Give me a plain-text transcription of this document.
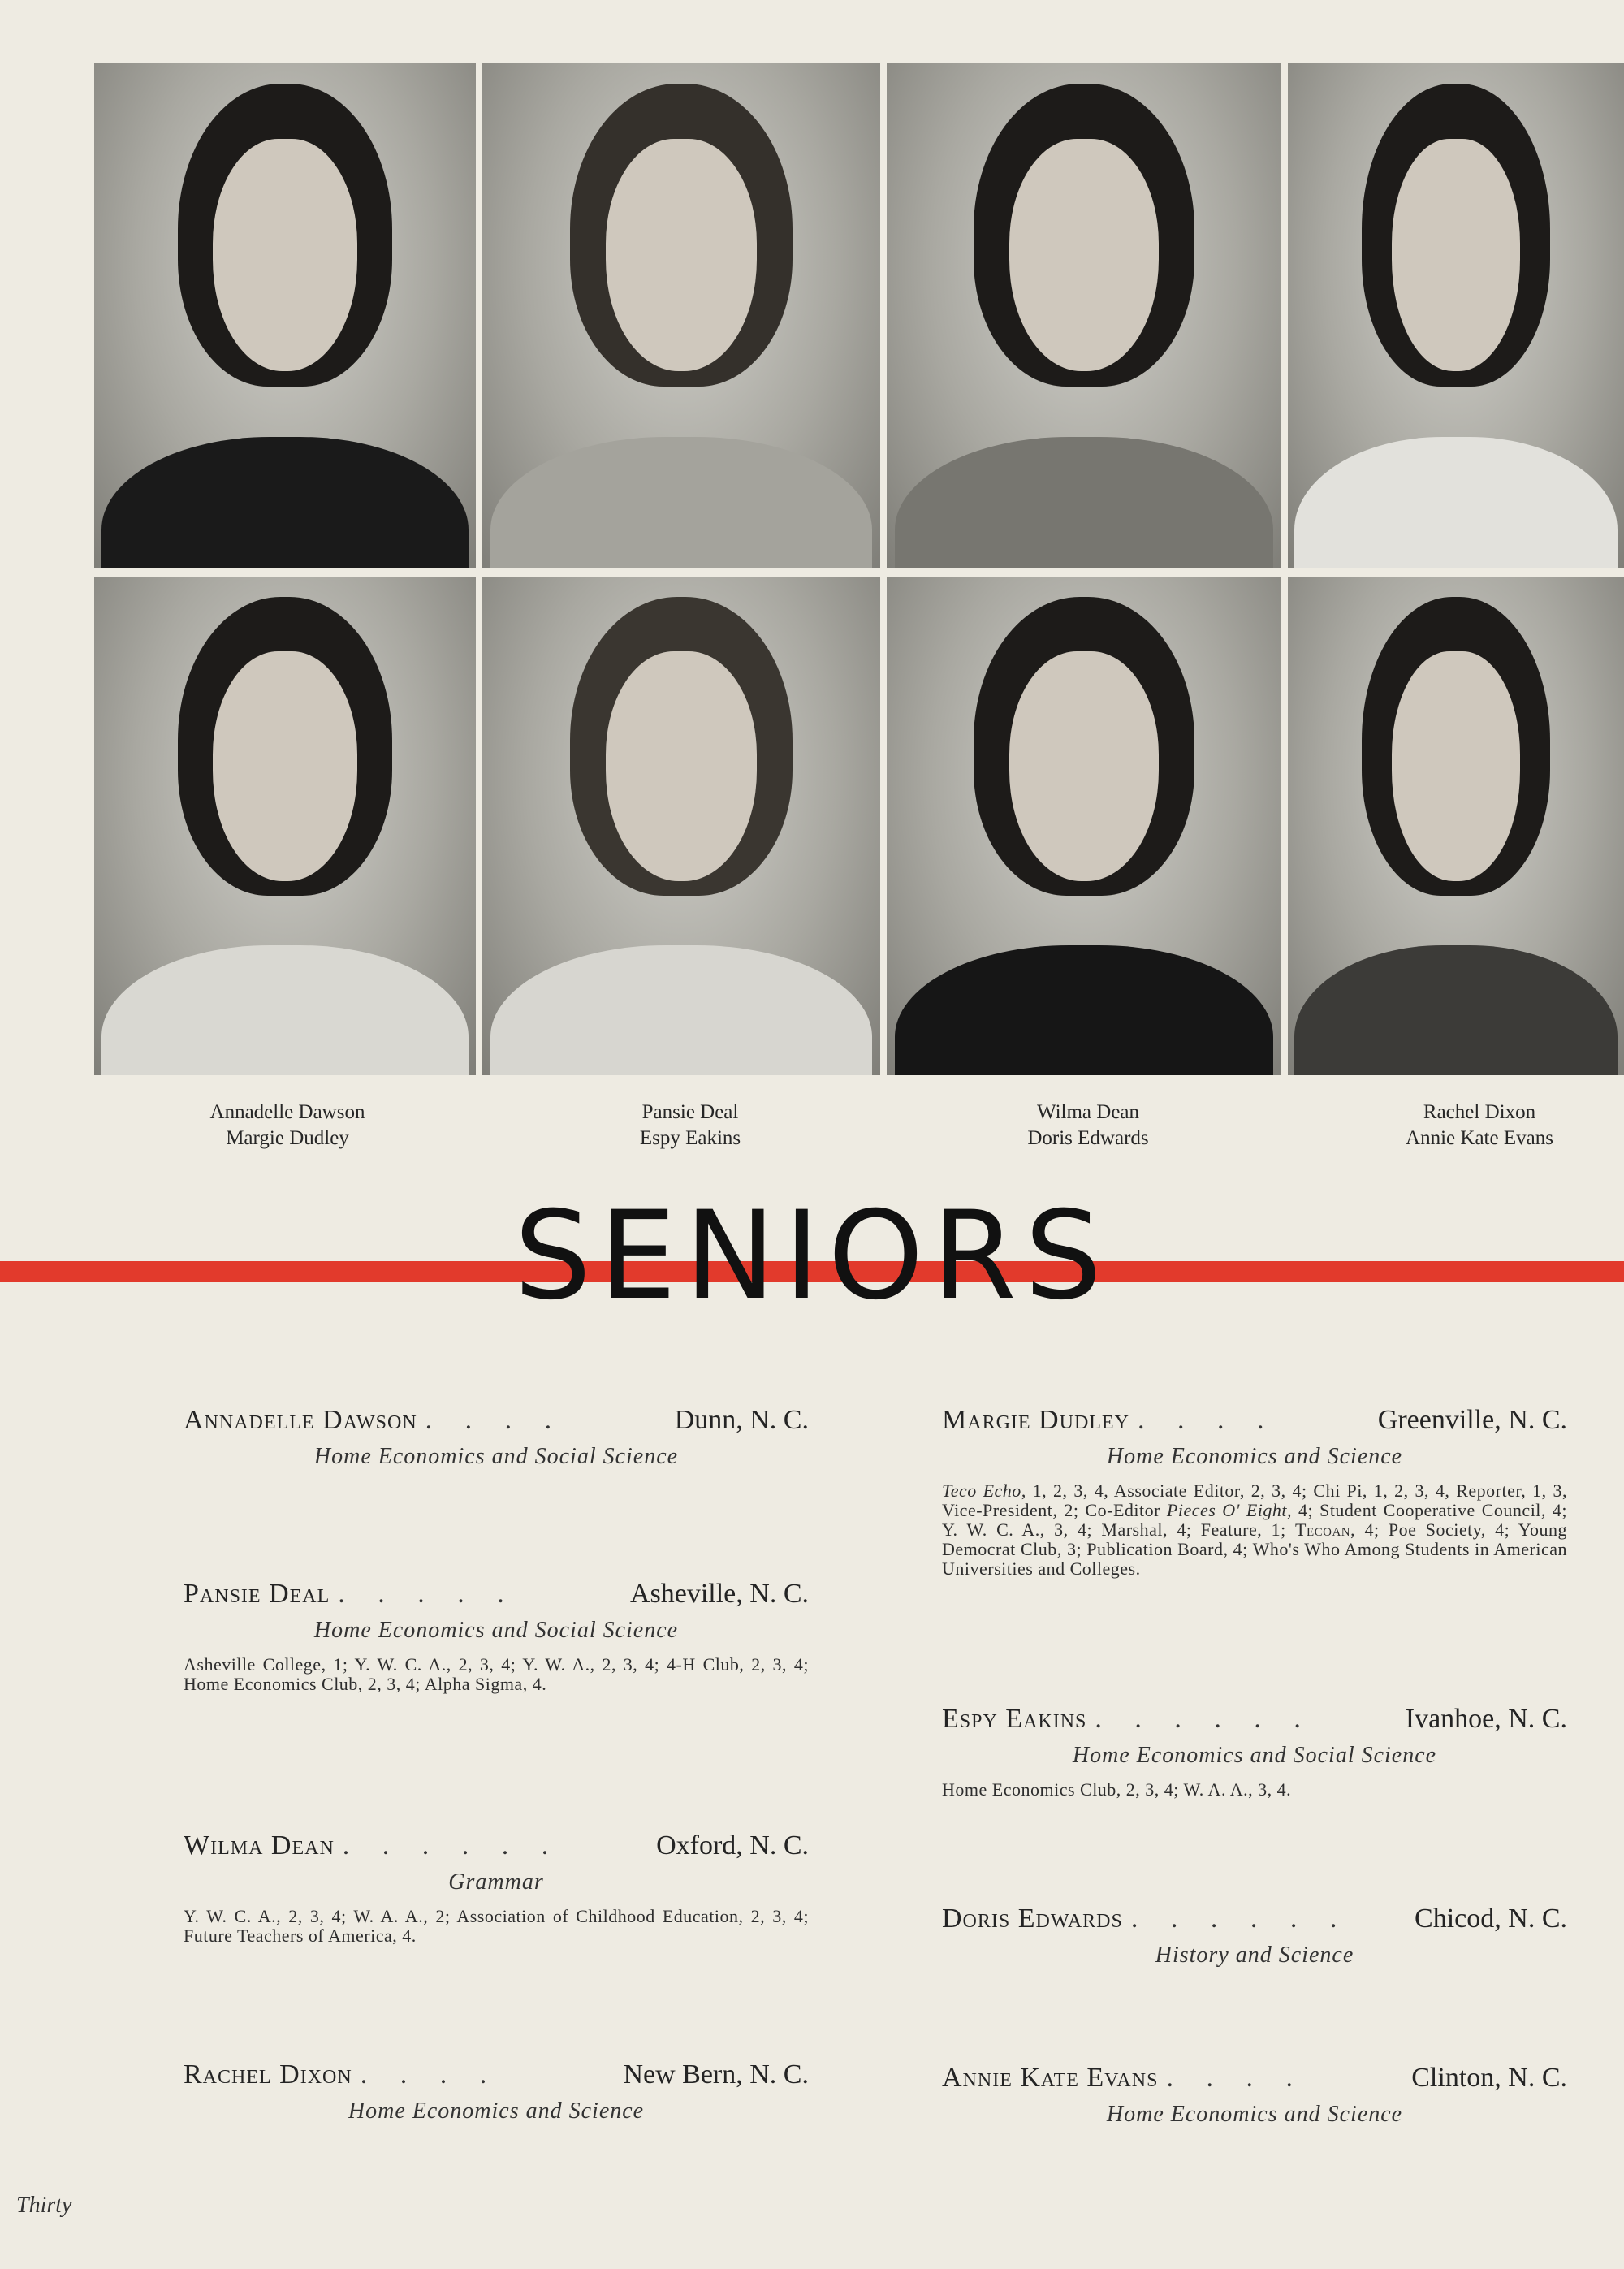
Annadelle Dawson
Margie Dudley
Pansie Deal
Espy Eakins
Wilma Dean
Doris Edwards
Rachel Dixon
Annie Kate Evans
SENIORS
Annadelle Dawson . . . .	Dunn, N. C.
Home Economics and Social Science
Pansie Deal . . . . .	Asheville, N. C.
Home Economics and Social Science
Asheville College, 1; Y. W. C. A., 2, 3, 4; Y. W. A., 2, 3, 4; 4-H Club, 2, 3, 4; Home Economics Club, 2, 3, 4; Alpha Sigma, 4.
Wilma Dean . . . . . .	Oxford, N. C.
Grammar
Y. W. C. A., 2, 3, 4; W. A. A., 2; Association of Childhood Education, 2, 3, 4; Future Teachers of America, 4.
Rachel Dixon . . . .	New Bern, N. C.
Home Economics and Science
Margie Dudley . . . .	Greenville, N. C.
Home Economics and Science
Teco Echo, 1, 2, 3, 4, Associate Editor, 2, 3, 4; Chi Pi, 1, 2, 3, 4, Reporter, 1, 3, Vice-President, 2; Co-Editor Pieces O' Eight, 4; Student Cooperative Council, 4; Y. W. C. A., 3, 4; Marshal, 4; Feature, 1; Tecoan, 4; Poe Society, 4; Young Democrat Club, 3; Publication Board, 4; Who's Who Among Students in American Universities and Colleges.
Espy Eakins . . . . . .	Ivanhoe, N. C.
Home Economics and Social Science
Home Economics Club, 2, 3, 4; W. A. A., 3, 4.
Doris Edwards . . . . . .	Chicod, N. C.
History and Science
Annie Kate Evans . . . .	Clinton, N. C.
Home Economics and Science
Thirty
